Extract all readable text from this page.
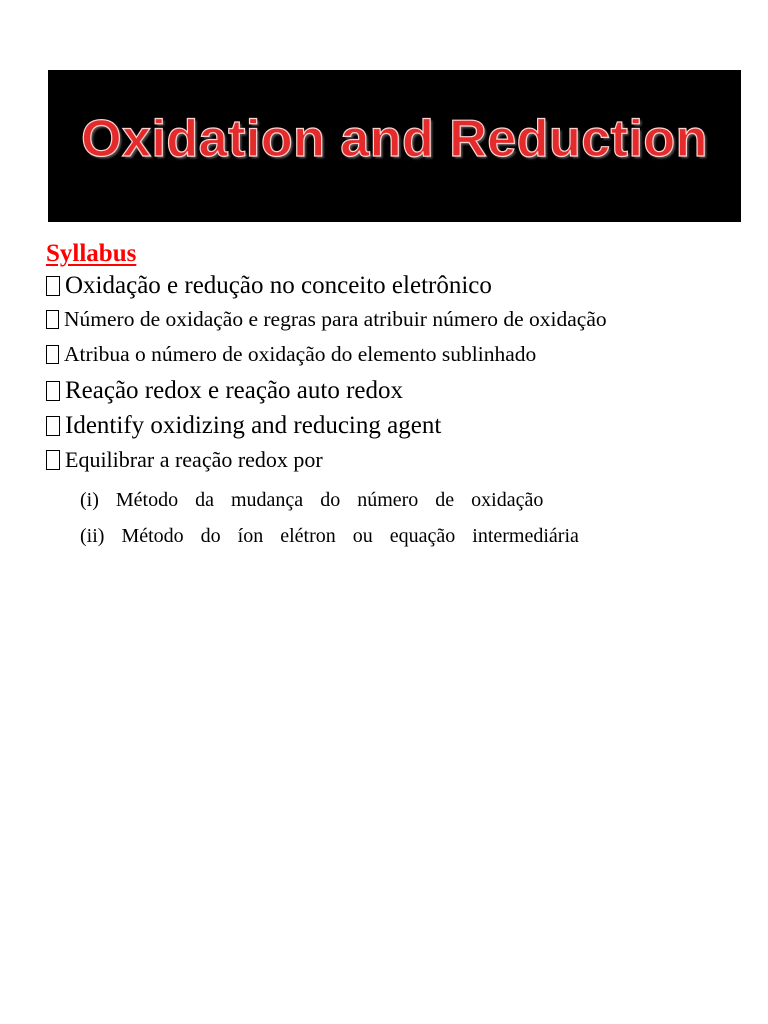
Oxidation and Reduction
Syllabus
Oxidação e redução no conceito eletrônico
Número de oxidação e regras para atribuir número de oxidação
Atribua o número de oxidação do elemento sublinhado
Reação redox e reação auto redox
Identify oxidizing and reducing agent
Equilibrar a reação redox por
(i) Método da mudança do número de oxidação
(ii) Método do íon elétron ou equação intermediária
